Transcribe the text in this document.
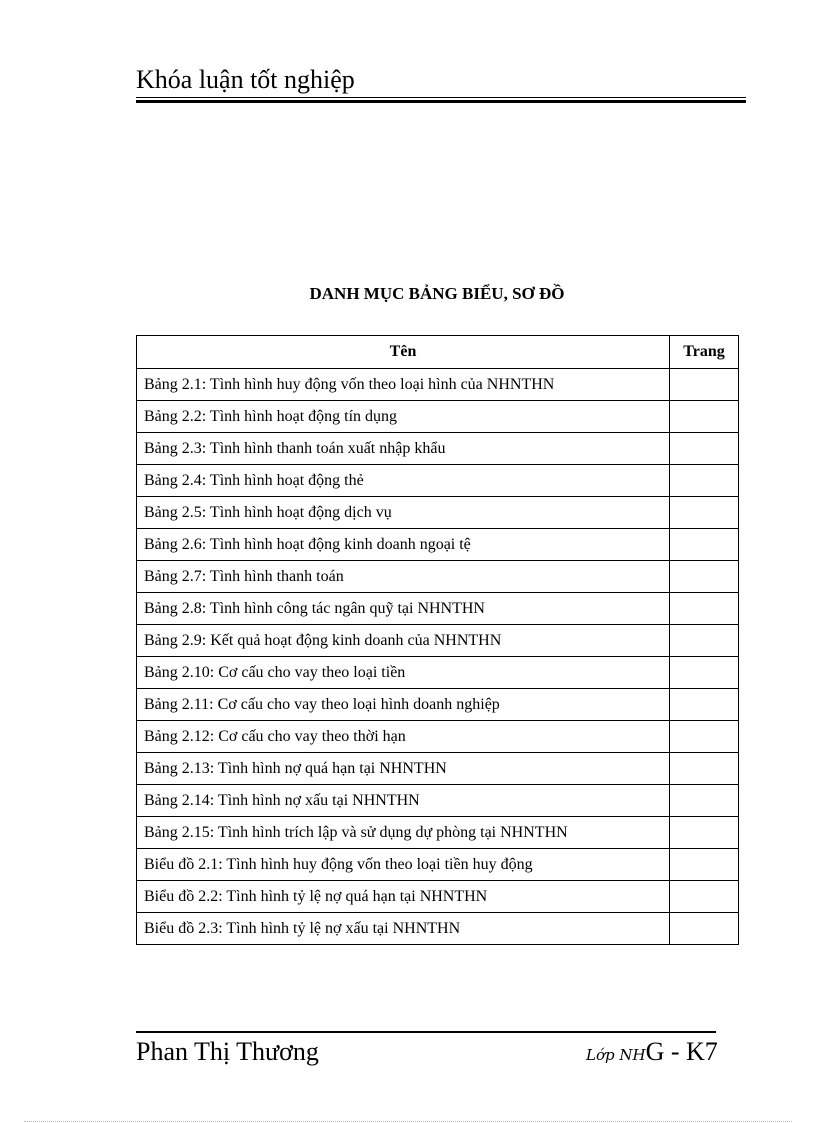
Khóa luận tốt nghiệp
DANH MỤC BẢNG BIỂU, SƠ ĐỒ
Tên	Trang
Bảng 2.1: Tình hình huy động vốn theo loại hình của NHNTHN	
Bảng 2.2: Tình hình hoạt động tín dụng	
Bảng 2.3: Tình hình thanh toán xuất nhập khẩu	
Bảng 2.4: Tình hình hoạt động thẻ	
Bảng 2.5: Tình hình hoạt động dịch vụ	
Bảng 2.6: Tình hình hoạt động kinh doanh ngoại tệ	
Bảng 2.7: Tình hình thanh toán	
Bảng 2.8: Tình hình công tác ngân quỹ tại NHNTHN	
Bảng 2.9: Kết quả hoạt động kinh doanh của NHNTHN	
Bảng 2.10: Cơ cấu cho vay theo loại tiền	
Bảng 2.11: Cơ cấu cho vay theo loại hình doanh nghiệp	
Bảng 2.12: Cơ cấu cho vay theo thời hạn	
Bảng 2.13: Tình hình nợ quá hạn tại NHNTHN	
Bảng 2.14: Tình hình nợ xấu tại NHNTHN	
Bảng 2.15: Tình hình trích lập và sử dụng dự phòng tại NHNTHN	
Biểu đồ 2.1: Tình hình huy động vốn theo loại tiền huy động	
Biểu đồ 2.2: Tình hình tỷ lệ nợ quá hạn tại NHNTHN	
Biểu đồ 2.3: Tình hình tỷ lệ nợ xấu tại NHNTHN	
Phan Thị Thương	Lớp NHG - K7
